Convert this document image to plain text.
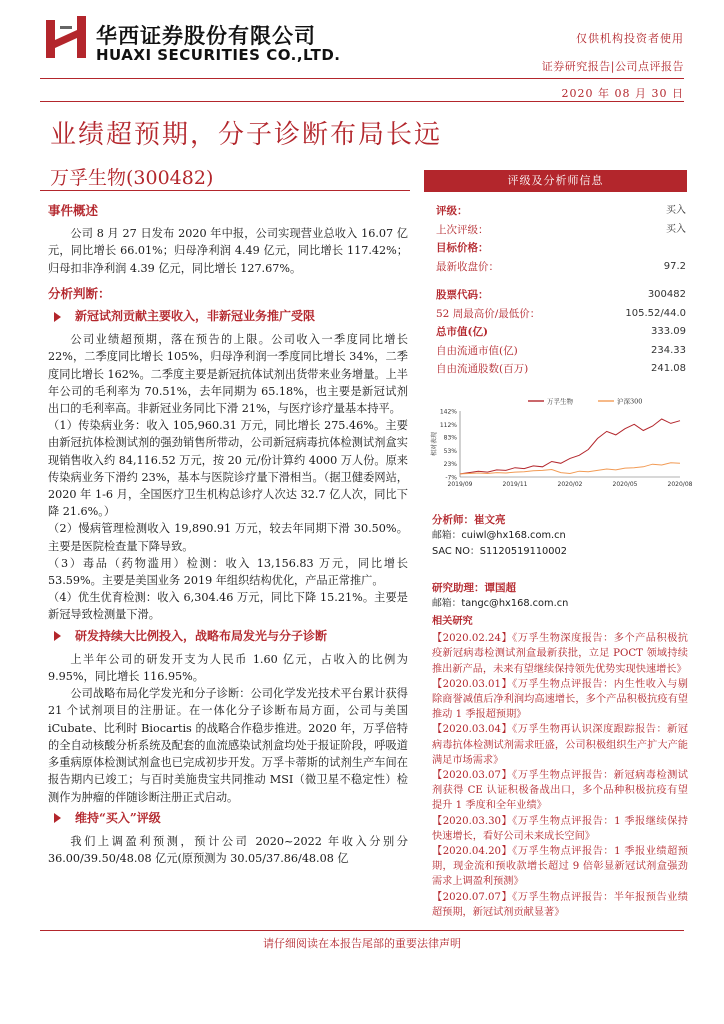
华西证券股份有限公司
HUAXI SECURITIES CO.,LTD.
仅供机构投资者使用
证券研究报告|公司点评报告
2020 年 08 月 30 日
业绩超预期，分子诊断布局长远
万孚生物(300482)
事件概述
公司 8 月 27 日发布 2020 年中报，公司实现营业总收入 16.07 亿元，同比增长 66.01%；归母净利润 4.49 亿元，同比增长 117.42%；归母扣非净利润 4.39 亿元，同比增长 127.67%。
分析判断：
新冠试剂贡献主要收入，非新冠业务推广受限
公司业绩超预期，落在预告的上限。公司收入一季度同比增长 22%，二季度同比增长 105%，归母净利润一季度同比增长 34%，二季度同比增长 162%。二季度主要是新冠抗体试剂出货带来业务增量。上半年公司的毛利率为 70.51%，去年同期为 65.18%，也主要是新冠试剂出口的毛利率高。非新冠业务同比下滑 21%，与医疗诊疗量基本持平。
（1）传染病业务：收入 105,960.31 万元，同比增长 275.46%。主要由新冠抗体检测试剂的强劲销售所带动，公司新冠病毒抗体检测试剂盒实现销售收入约 84,116.52 万元，按 20 元/份计算约 4000 万人份。原来传染病业务下滑约 23%，基本与医院诊疗量下滑相当。（据卫健委网站，2020 年 1-6 月，全国医疗卫生机构总诊疗人次达 32.7 亿人次，同比下降 21.6%。）
（2）慢病管理检测收入 19,890.91 万元，较去年同期下滑 30.50%。主要是医院检查量下降导致。
（3）毒品（药物滥用）检测：收入 13,156.83 万元，同比增长 53.59%。主要是美国业务 2019 年组织结构优化，产品正常推广。
（4）优生优育检测：收入 6,304.46 万元，同比下降 15.21%。主要是新冠导致检测量下滑。
研发持续大比例投入，战略布局发光与分子诊断
上半年公司的研发开支为人民币 1.60 亿元，占收入的比例为 9.95%，同比增长 116.95%。
公司战略布局化学发光和分子诊断：公司化学发光技术平台累计获得 21 个试剂项目的注册证。在一体化分子诊断布局方面，公司与美国 iCubate、比利时 Biocartis 的战略合作稳步推进。2020 年，万孚倍特的全自动核酸分析系统及配套的血流感染试剂盒均处于报证阶段，呼吸道多重病原体检测试剂盒也已完成初步开发。万孚卡蒂斯的试剂生产车间在报告期内已竣工；与百时美施贵宝共同推动 MSI（微卫星不稳定性）检测作为肿瘤的伴随诊断注册正式启动。
维持“买入”评级
我们上调盈利预测，预计公司 2020~2022 年收入分别分 36.00/39.50/48.08 亿元(原预测为 30.05/37.86/48.08 亿
评级及分析师信息
评级：	买入
上次评级：	买入
目标价格：
最新收盘价：	97.2
股票代码：	300482
52 周最高价/最低价：	105.52/44.0
总市值(亿)	333.09
自由流通市值(亿)	234.33
自由流通股数(百万)	241.08
142%
112%
83%
53%
23%
-7%
2019/09	2019/11	2020/02	2020/05	2020/08
相对表现
万孚生物	沪深300
分析师：崔文亮
邮箱：cuiwl@hx168.com.cn
SAC NO：S1120519110002
研究助理：谭国超
邮箱：tangc@hx168.com.cn
相关研究
【2020.02.24】《万孚生物深度报告：多个产品积极抗疫新冠病毒检测试剂盒最新获批，立足 POCT 领域持续推出新产品，未来有望继续保持领先优势实现快速增长》
【2020.03.01】《万孚生物点评报告：内生性收入与剔除商誉减值后净利润均高速增长，多个产品积极抗疫有望推动 1 季报超预期》
【2020.03.04】《万孚生物再认识深度跟踪报告：新冠病毒抗体检测试剂需求旺盛，公司积极组织生产扩大产能满足市场需求》
【2020.03.07】《万孚生物点评报告：新冠病毒检测试剂获得 CE 认证积极备战出口，多个品种积极抗疫有望提升 1 季度和全年业绩》
【2020.03.30】《万孚生物点评报告：1 季报继续保持快速增长，看好公司未来成长空间》
【2020.04.20】《万孚生物点评报告：1 季报业绩超预期，现金流和预收款增长超过 9 倍彰显新冠试剂盒强劲需求上调盈利预测》
【2020.07.07】《万孚生物点评报告：半年报预告业绩超预期，新冠试剂贡献显著》
请仔细阅读在本报告尾部的重要法律声明
